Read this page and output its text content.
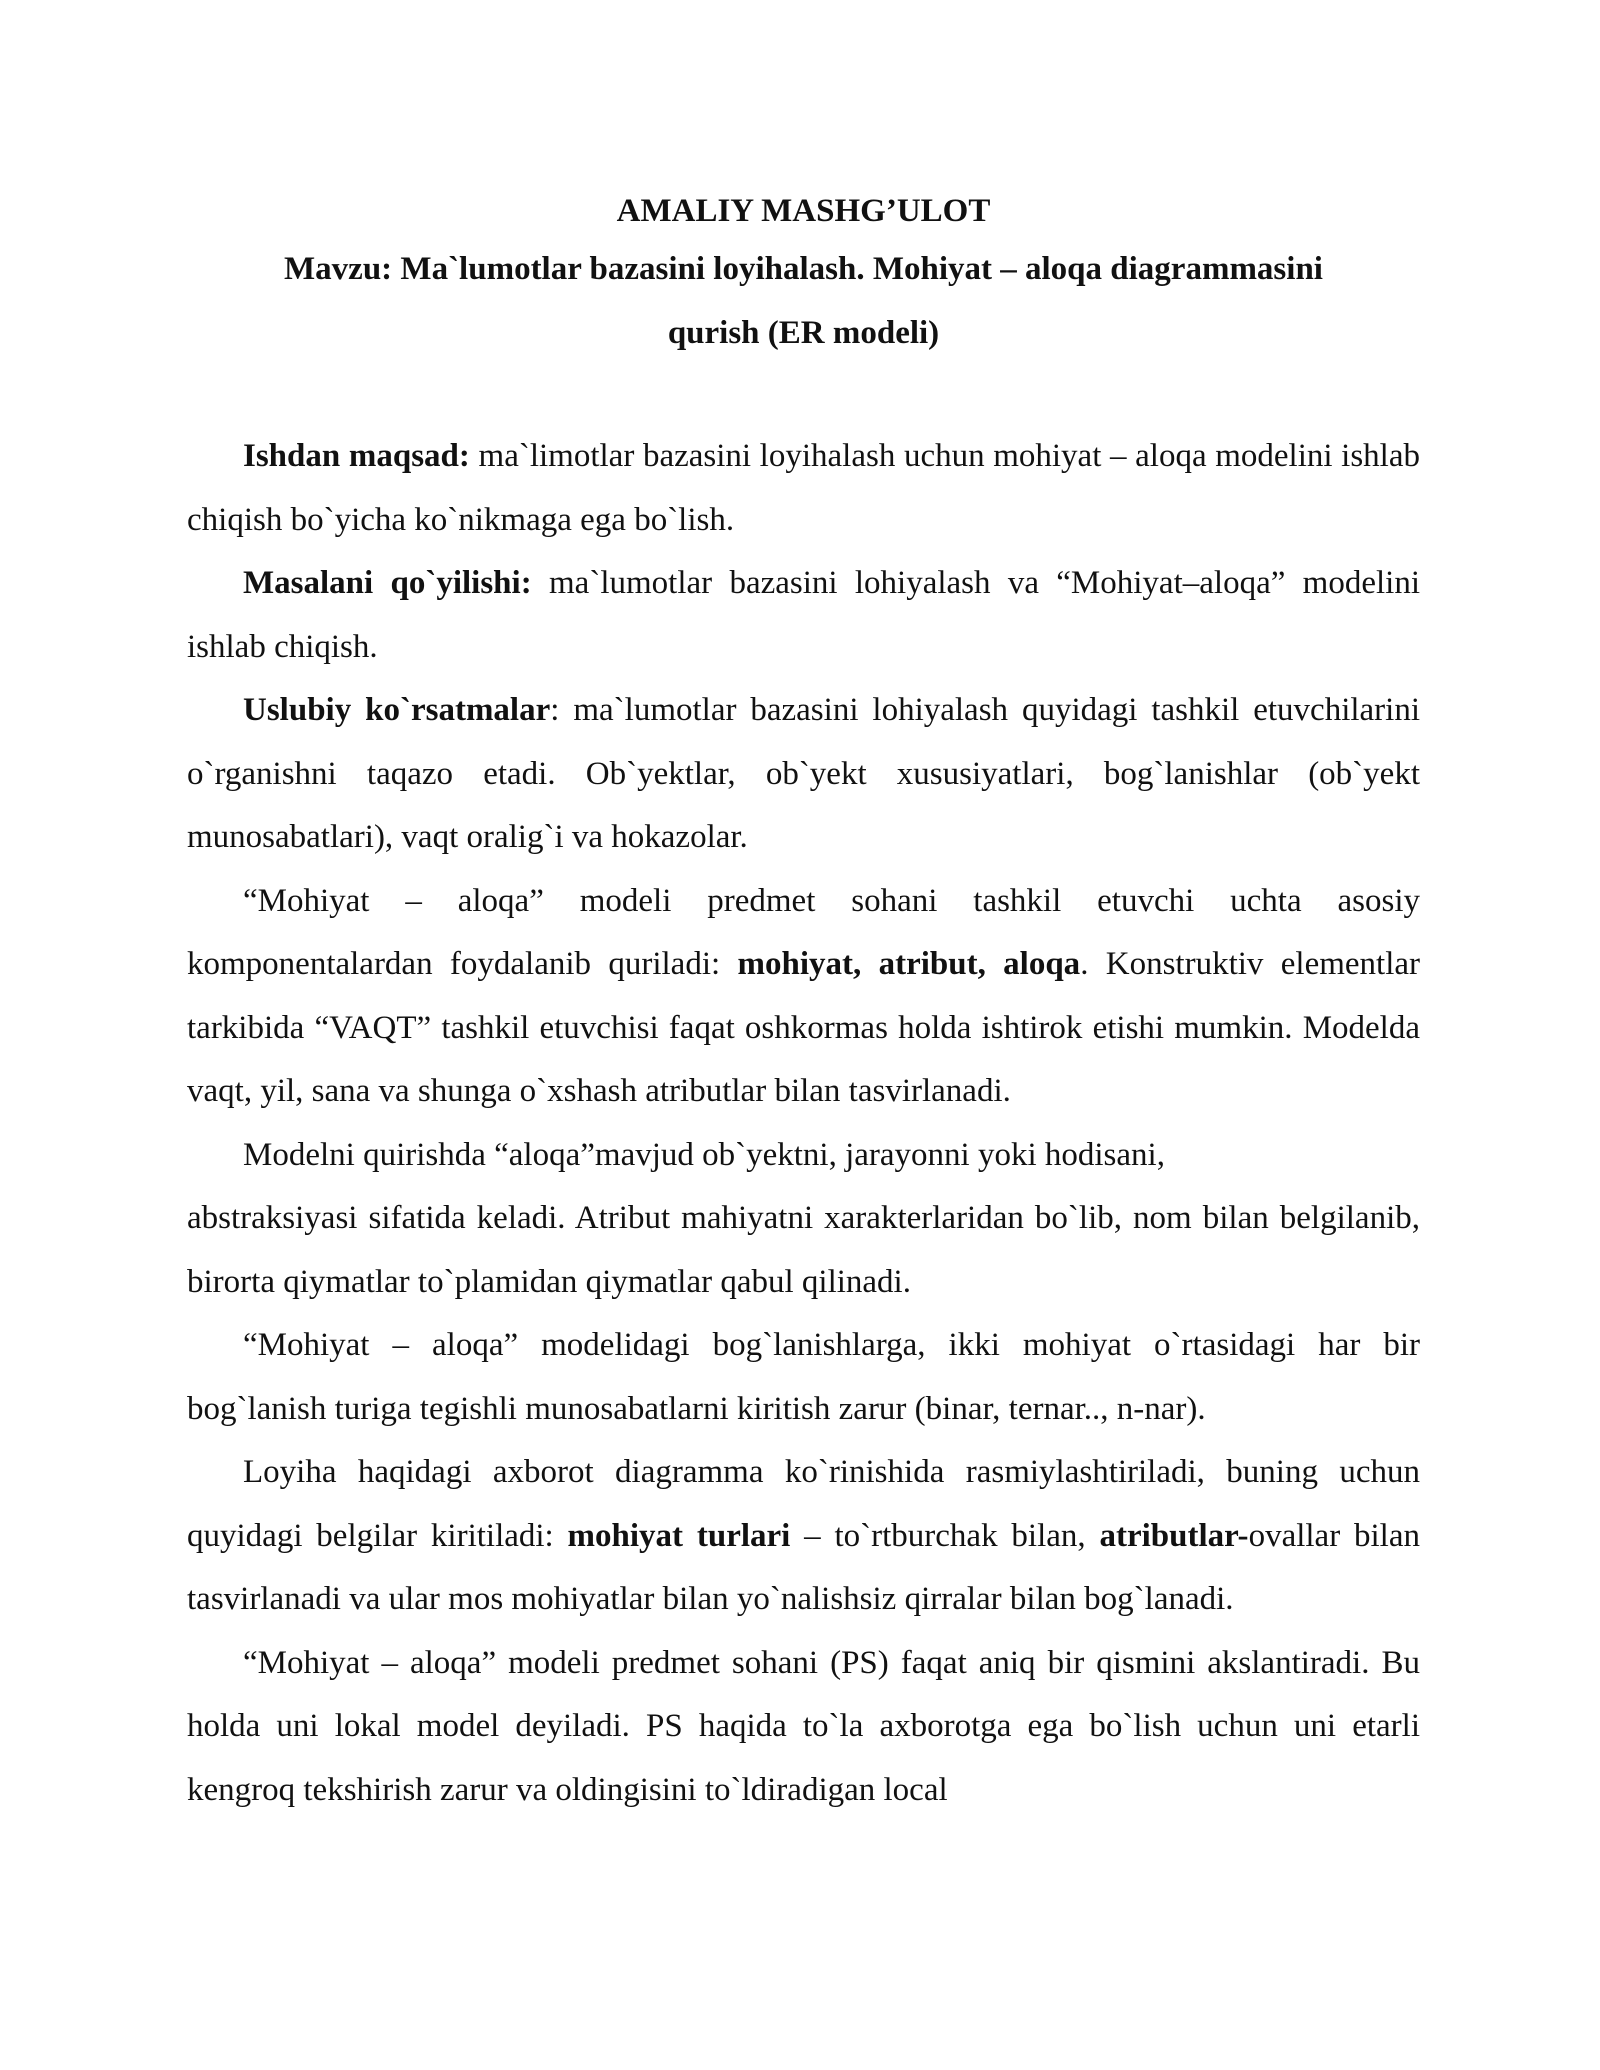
AMALIY MASHG’ULOT
Mavzu: Ma`lumotlar bazasini loyihalash. Mohiyat – aloqa diagrammasini
qurish (ER modeli)

Ishdan maqsad: ma`limotlar bazasini loyihalash uchun mohiyat – aloqa modelini ishlab chiqish bo`yicha ko`nikmaga ega bo`lish.

Masalani qo`yilishi: ma`lumotlar bazasini lohiyalash va “Mohiyat–aloqa” modelini ishlab chiqish.

Uslubiy ko`rsatmalar: ma`lumotlar bazasini lohiyalash quyidagi tashkil etuvchilarini o`rganishni taqazo etadi. Ob`yektlar, ob`yekt xususiyatlari, bog`lanishlar (ob`yekt munosabatlari), vaqt oralig`i va hokazolar.

“Mohiyat – aloqa” modeli predmet sohani tashkil etuvchi uchta asosiy komponentalardan foydalanib quriladi: mohiyat, atribut, aloqa. Konstruktiv elementlar tarkibida “VAQT” tashkil etuvchisi faqat oshkormas holda ishtirok etishi mumkin. Modelda vaqt, yil, sana va shunga o`xshash atributlar bilan tasvirlanadi.

Modelni quirishda “aloqa”mavjud ob`yektni, jarayonni yoki hodisani,

abstraksiyasi sifatida keladi. Atribut mahiyatni xarakterlaridan bo`lib, nom bilan belgilanib, birorta qiymatlar to`plamidan qiymatlar qabul qilinadi.

“Mohiyat – aloqa” modelidagi bog`lanishlarga, ikki mohiyat o`rtasidagi har bir bog`lanish turiga tegishli munosabatlarni kiritish zarur (binar, ternar.., n-nar).

Loyiha haqidagi axborot diagramma ko`rinishida rasmiylashtiriladi, buning uchun quyidagi belgilar kiritiladi: mohiyat turlari – to`rtburchak bilan, atributlar-ovallar bilan tasvirlanadi va ular mos mohiyatlar bilan yo`nalishsiz qirralar bilan bog`lanadi.

“Mohiyat – aloqa” modeli predmet sohani (PS) faqat aniq bir qismini akslantiradi. Bu holda uni lokal model deyiladi. PS haqida to`la axborotga ega bo`lish uchun uni etarli kengroq tekshirish zarur va oldingisini to`ldiradigan local
